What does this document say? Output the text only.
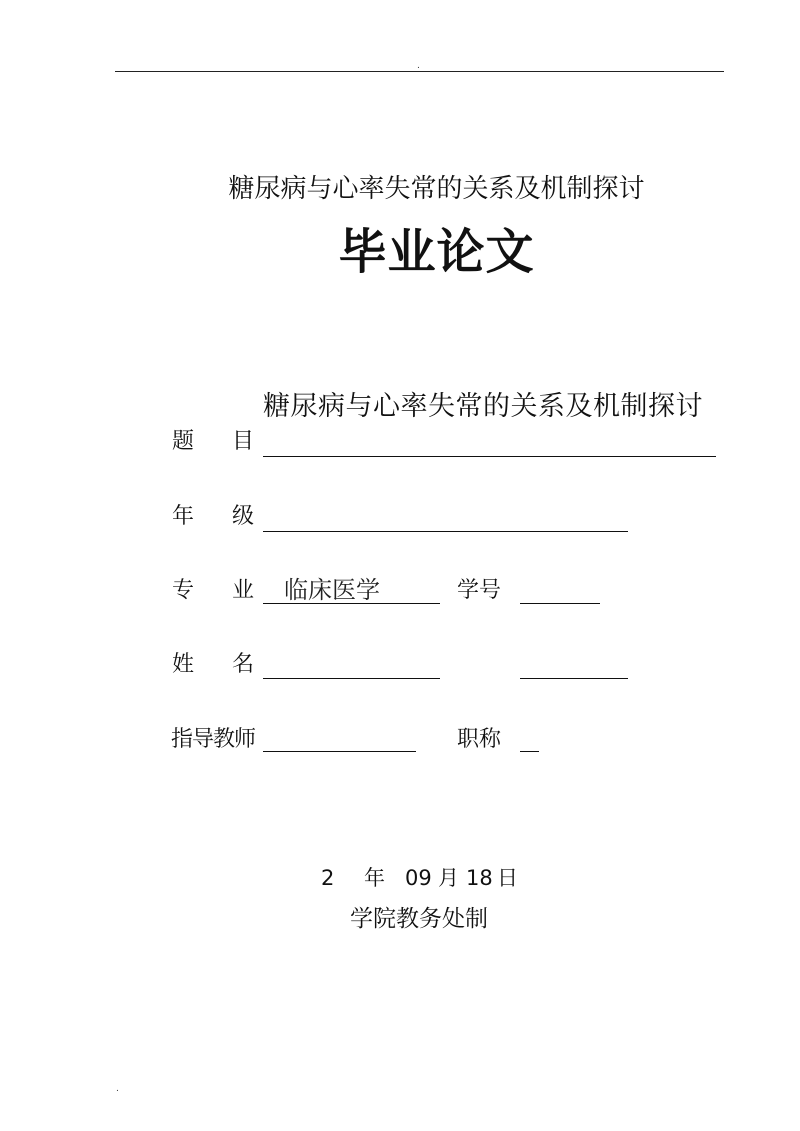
.
糖尿病与心率失常的关系及机制探讨
毕业论文
糖尿病与心率失常的关系及机制探讨
题 目
年 级
专 业 临床医学	学号
姓 名
指导教师	职称
2 年 09 月 18 日
学院教务处制
.
